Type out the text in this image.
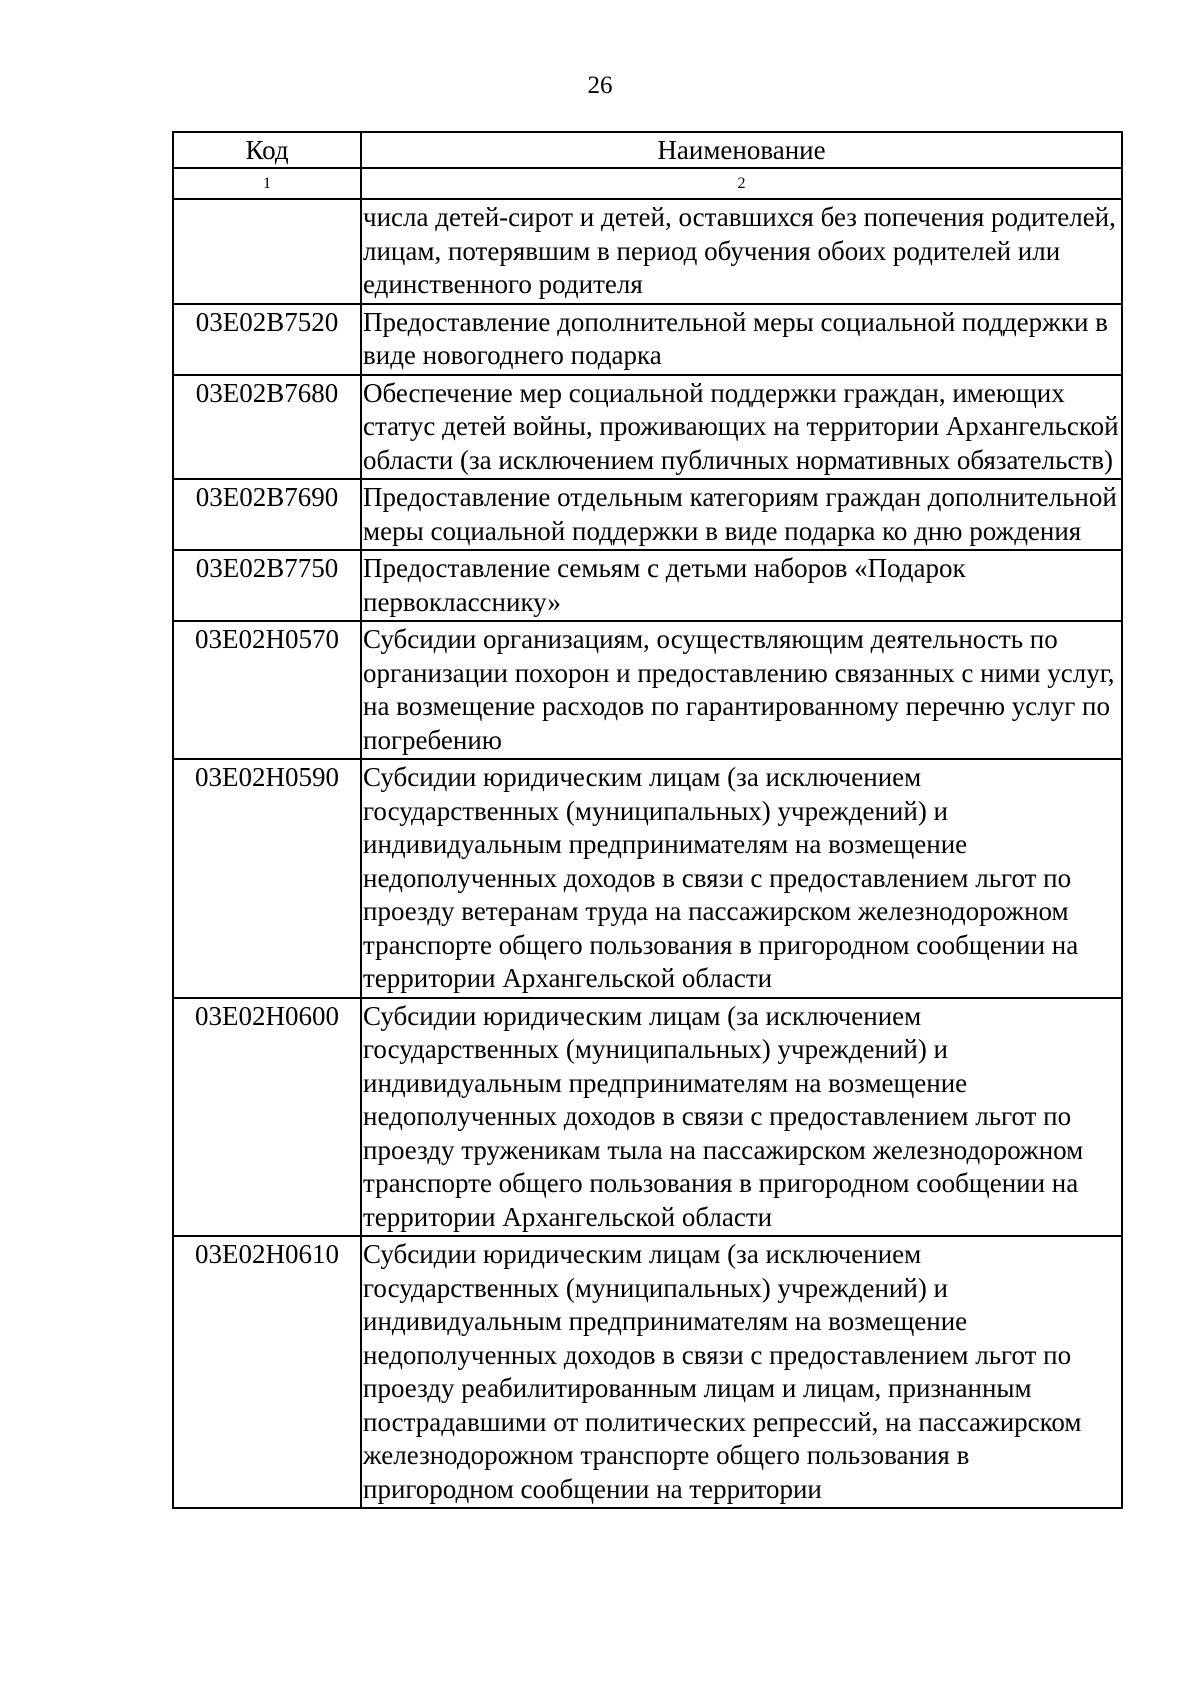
26
Код	Наименование
1	2
	числа детей-сирот и детей, оставшихся без попечения родителей, лицам, потерявшим в период обучения обоих родителей или единственного родителя
03E02B7520	Предоставление дополнительной меры социальной поддержки в виде новогоднего подарка
03E02B7680	Обеспечение мер социальной поддержки граждан, имеющих статус детей войны, проживающих на территории Архангельской области (за исключением публичных нормативных обязательств)
03E02B7690	Предоставление отдельным категориям граждан дополнительной меры социальной поддержки в виде подарка ко дню рождения
03E02B7750	Предоставление семьям с детьми наборов «Подарок первокласснику»
03E02H0570	Субсидии организациям, осуществляющим деятельность по организации похорон и предоставлению связанных с ними услуг, на возмещение расходов по гарантированному перечню услуг по погребению
03E02H0590	Субсидии юридическим лицам (за исключением государственных (муниципальных) учреждений) и индивидуальным предпринимателям на возмещение недополученных доходов в связи с предоставлением льгот по проезду ветеранам труда на пассажирском железнодорожном транспорте общего пользования в пригородном сообщении на территории Архангельской области
03E02H0600	Субсидии юридическим лицам (за исключением государственных (муниципальных) учреждений) и индивидуальным предпринимателям на возмещение недополученных доходов в связи с предоставлением льгот по проезду труженикам тыла на пассажирском железнодорожном транспорте общего пользования в пригородном сообщении на территории Архангельской области
03E02H0610	Субсидии юридическим лицам (за исключением государственных (муниципальных) учреждений) и индивидуальным предпринимателям на возмещение недополученных доходов в связи с предоставлением льгот по проезду реабилитированным лицам и лицам, признанным пострадавшими от политических репрессий, на пассажирском железнодорожном транспорте общего пользования в пригородном сообщении на территории
